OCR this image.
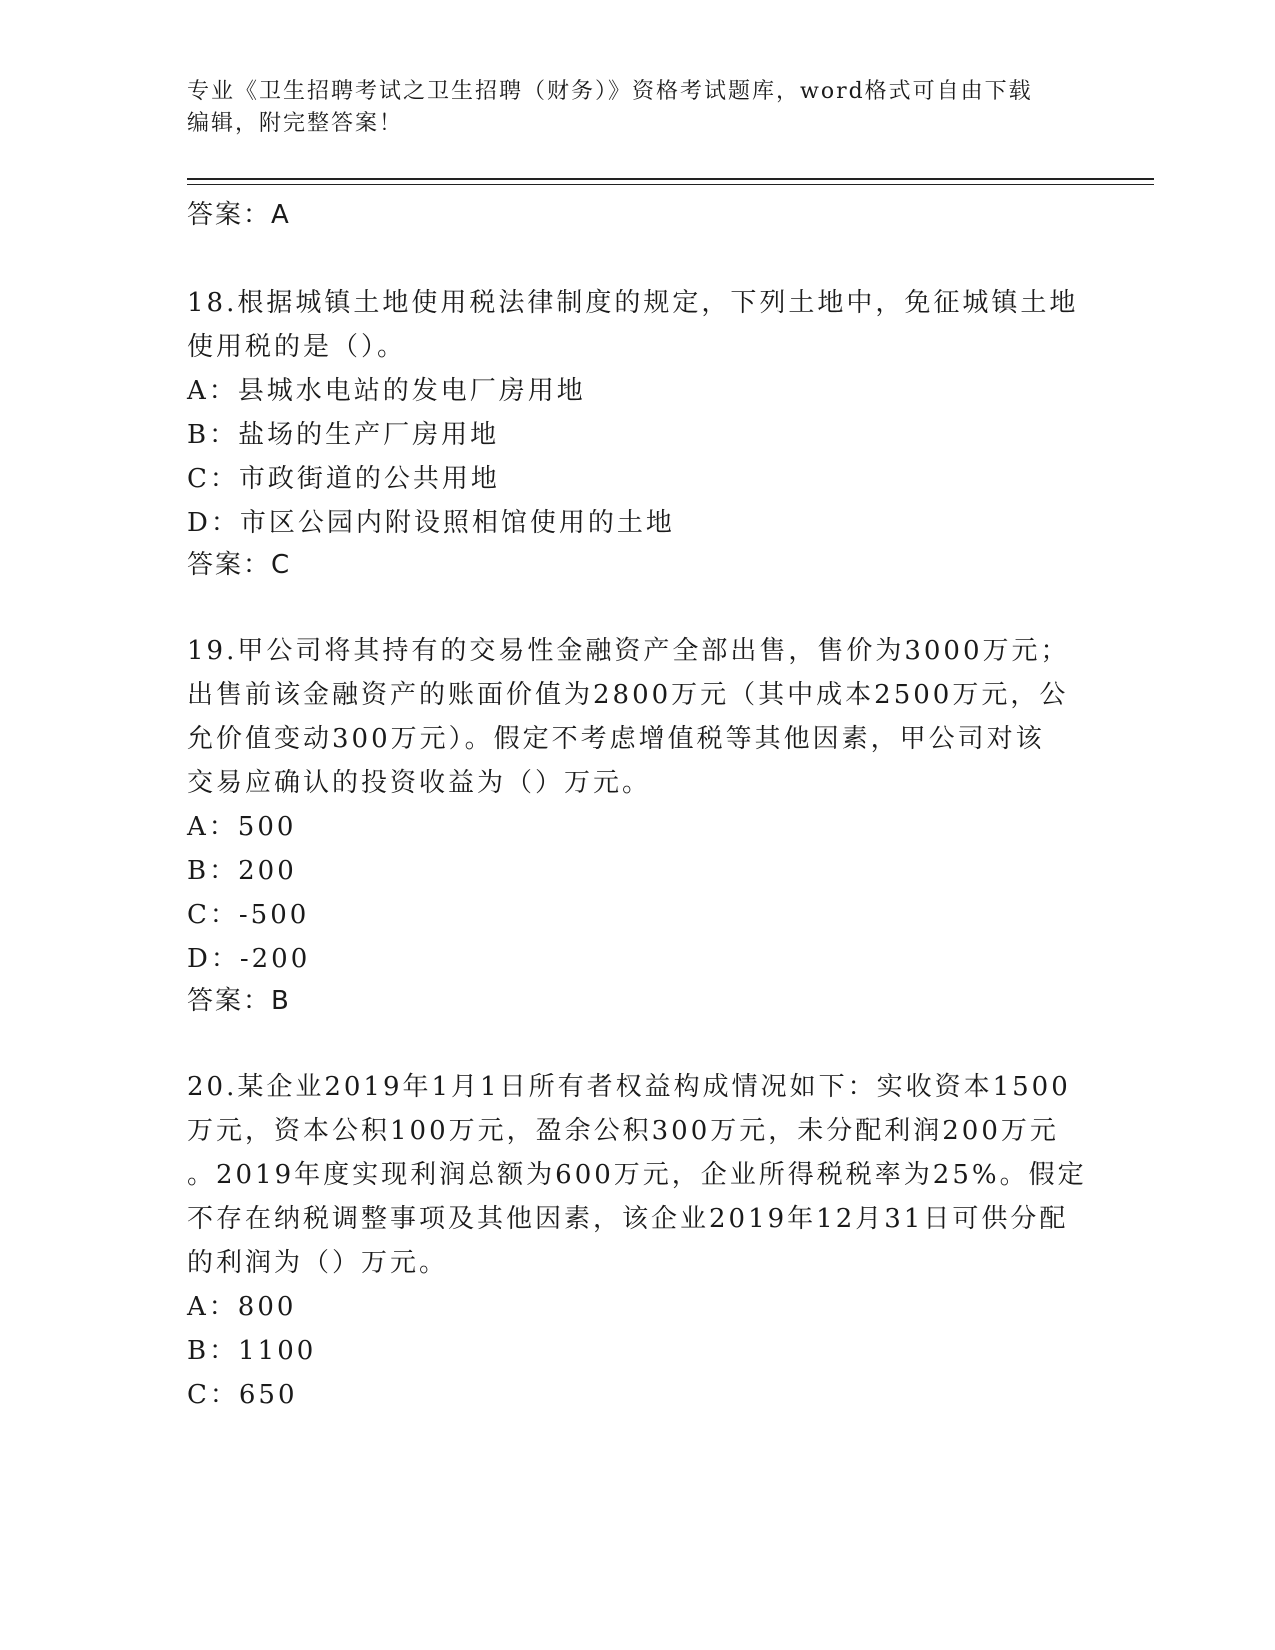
专业《卫生招聘考试之卫生招聘（财务）》资格考试题库，word格式可自由下载
编辑，附完整答案！
答案：A
18.根据城镇土地使用税法律制度的规定，下列土地中，免征城镇土地
使用税的是（）。
A：县城水电站的发电厂房用地
B：盐场的生产厂房用地
C：市政街道的公共用地
D：市区公园内附设照相馆使用的土地
答案：C
19.甲公司将其持有的交易性金融资产全部出售，售价为3000万元；
出售前该金融资产的账面价值为2800万元（其中成本2500万元，公
允价值变动300万元）。假定不考虑增值税等其他因素，甲公司对该
交易应确认的投资收益为（）万元。
A：500
B：200
C：-500
D：-200
答案：B
20.某企业2019年1月1日所有者权益构成情况如下：实收资本1500
万元，资本公积100万元，盈余公积300万元，未分配利润200万元
。2019年度实现利润总额为600万元，企业所得税税率为25%。假定
不存在纳税调整事项及其他因素，该企业2019年12月31日可供分配
的利润为（）万元。
A：800
B：1100
C：650
